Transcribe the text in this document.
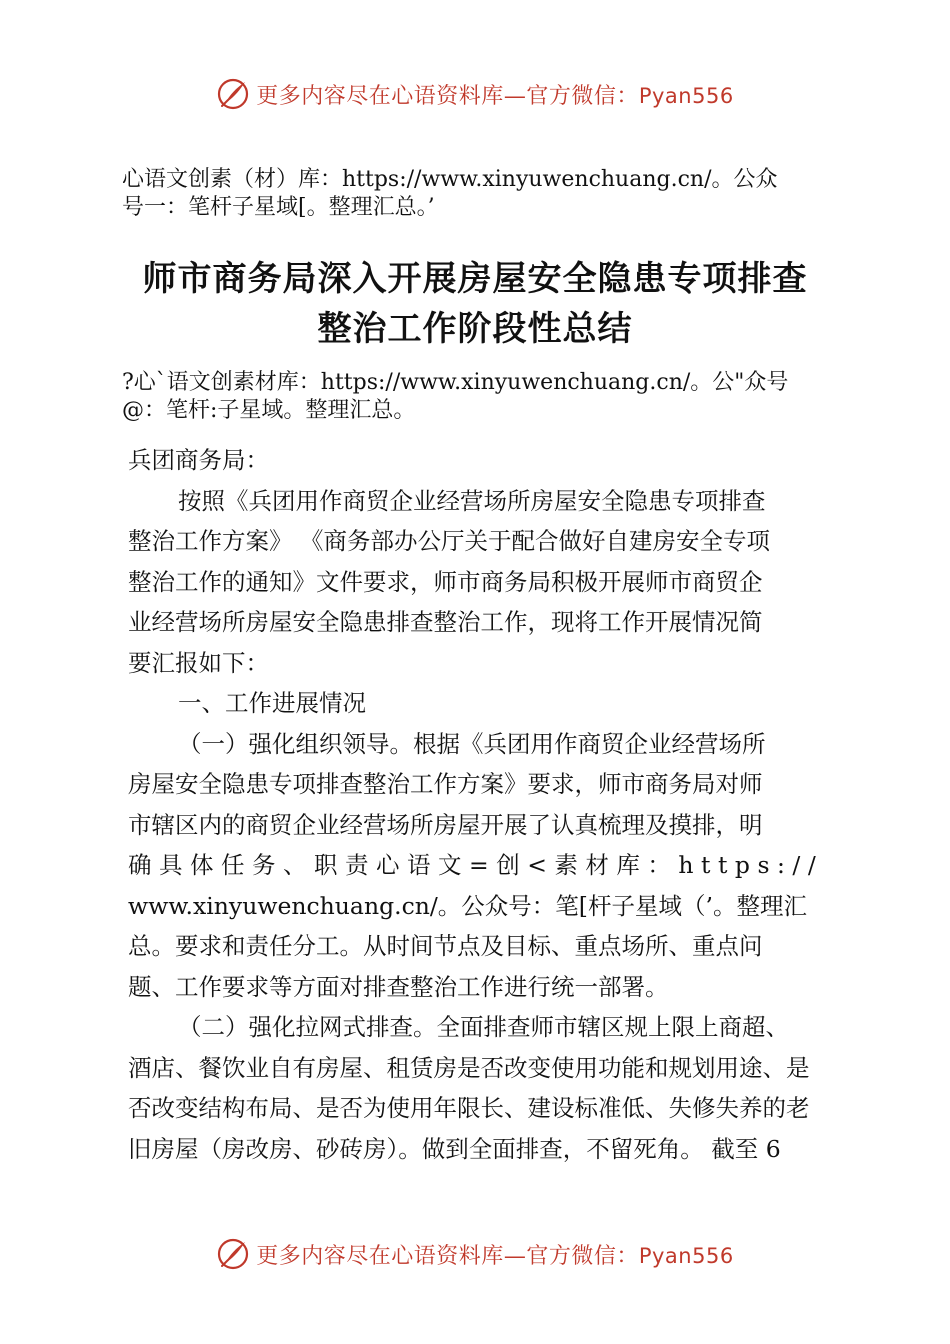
更多内容尽在心语资料库—官方微信：Pyan556
心语文创素（材）库：https://www.xinyuwenchuang.cn/。公众
号一：笔杆子星域[。整理汇总。’
师市商务局深入开展房屋安全隐患专项排查
整治工作阶段性总结
?心`语文创素材库：https://www.xinyuwenchuang.cn/。公"众号
@：笔杆:子星域。整理汇总。
兵团商务局：
按照《兵团用作商贸企业经营场所房屋安全隐患专项排查
整治工作方案》 《商务部办公厅关于配合做好自建房安全专项
整治工作的通知》文件要求，师市商务局积极开展师市商贸企
业经营场所房屋安全隐患排查整治工作，现将工作开展情况简
要汇报如下：
一、工作进展情况
（一）强化组织领导。根据《兵团用作商贸企业经营场所
房屋安全隐患专项排查整治工作方案》要求，师市商务局对师
市辖区内的商贸企业经营场所房屋开展了认真梳理及摸排，明
确具体任务、职责心语文=创<素材库：https://
www.xinyuwenchuang.cn/。公众号：笔[杆子星域（’。整理汇
总。要求和责任分工。从时间节点及目标、重点场所、重点问
题、工作要求等方面对排查整治工作进行统一部署。
（二）强化拉网式排查。全面排查师市辖区规上限上商超、
酒店、餐饮业自有房屋、租赁房是否改变使用功能和规划用途、是
否改变结构布局、是否为使用年限长、建设标准低、失修失养的老
旧房屋（房改房、砂砖房）。做到全面排查，不留死角。 截至 6
更多内容尽在心语资料库—官方微信：Pyan556
